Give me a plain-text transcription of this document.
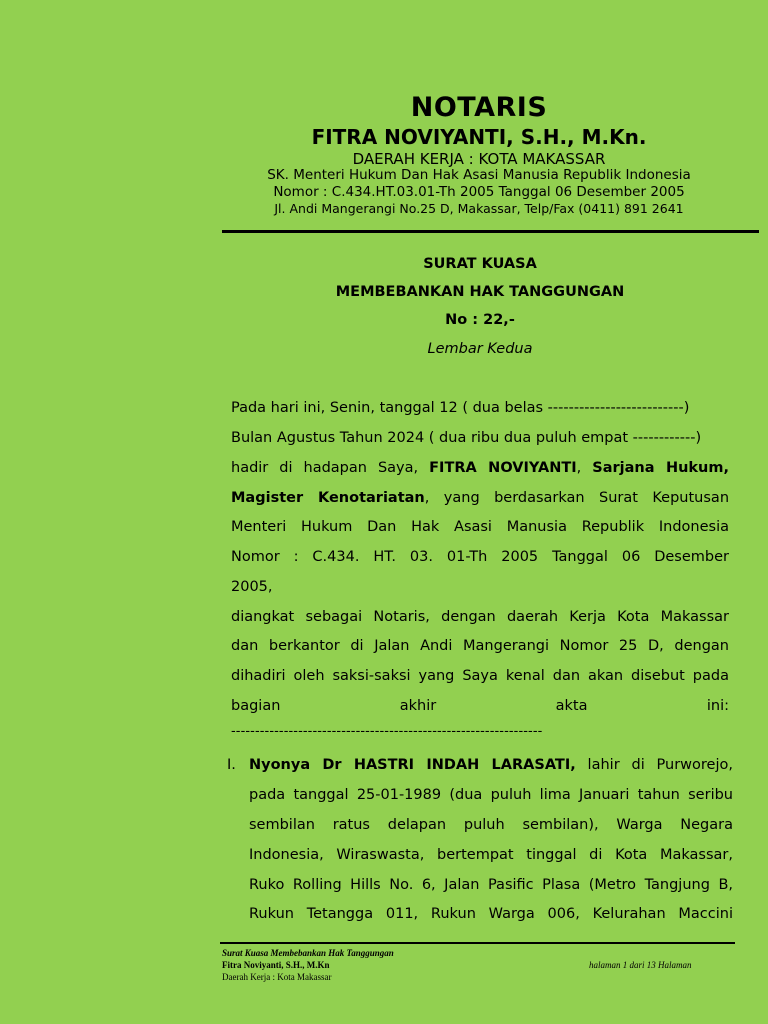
NOTARIS
FITRA NOVIYANTI, S.H., M.Kn.
DAERAH KERJA : KOTA MAKASSAR
SK. Menteri Hukum Dan Hak Asasi Manusia Republik Indonesia
Nomor : C.434.HT.03.01-Th 2005 Tanggal 06 Desember 2005
Jl. Andi Mangerangi No.25 D, Makassar, Telp/Fax (0411) 891 2641
SURAT KUASA
MEMBEBANKAN HAK TANGGUNGAN
No : 22,-
Lembar Kedua
Pada hari ini, Senin, tanggal 12 ( dua belas --------------------------)
Bulan Agustus Tahun 2024 ( dua ribu dua puluh empat ------------)
hadir di hadapan Saya, FITRA NOVIYANTI, Sarjana Hukum,
Magister Kenotariatan, yang berdasarkan Surat Keputusan
Menteri Hukum Dan Hak Asasi Manusia Republik Indonesia
Nomor : C.434. HT. 03. 01-Th 2005 Tanggal 06 Desember
2005,
diangkat sebagai Notaris, dengan daerah Kerja Kota Makassar
dan berkantor di Jalan Andi Mangerangi Nomor 25 D, dengan
dihadiri oleh saksi-saksi yang Saya kenal dan akan disebut pada
bagian akhir akta ini:
-----------------------------------------------------------------
I. Nyonya Dr HASTRI INDAH LARASATI, lahir di Purworejo,
pada tanggal 25-01-1989 (dua puluh lima Januari tahun seribu
sembilan ratus delapan puluh sembilan), Warga Negara
Indonesia, Wiraswasta, bertempat tinggal di Kota Makassar,
Ruko Rolling Hills No. 6, Jalan Pasific Plasa (Metro Tangjung B,
Rukun Tetangga 011, Rukun Warga 006, Kelurahan Maccini
Surat Kuasa Membebankan Hak Tanggungan
Fitra Noviyanti, S.H., M.Kn
Daerah Kerja : Kota Makassar
halaman 1 dari 13 Halaman
